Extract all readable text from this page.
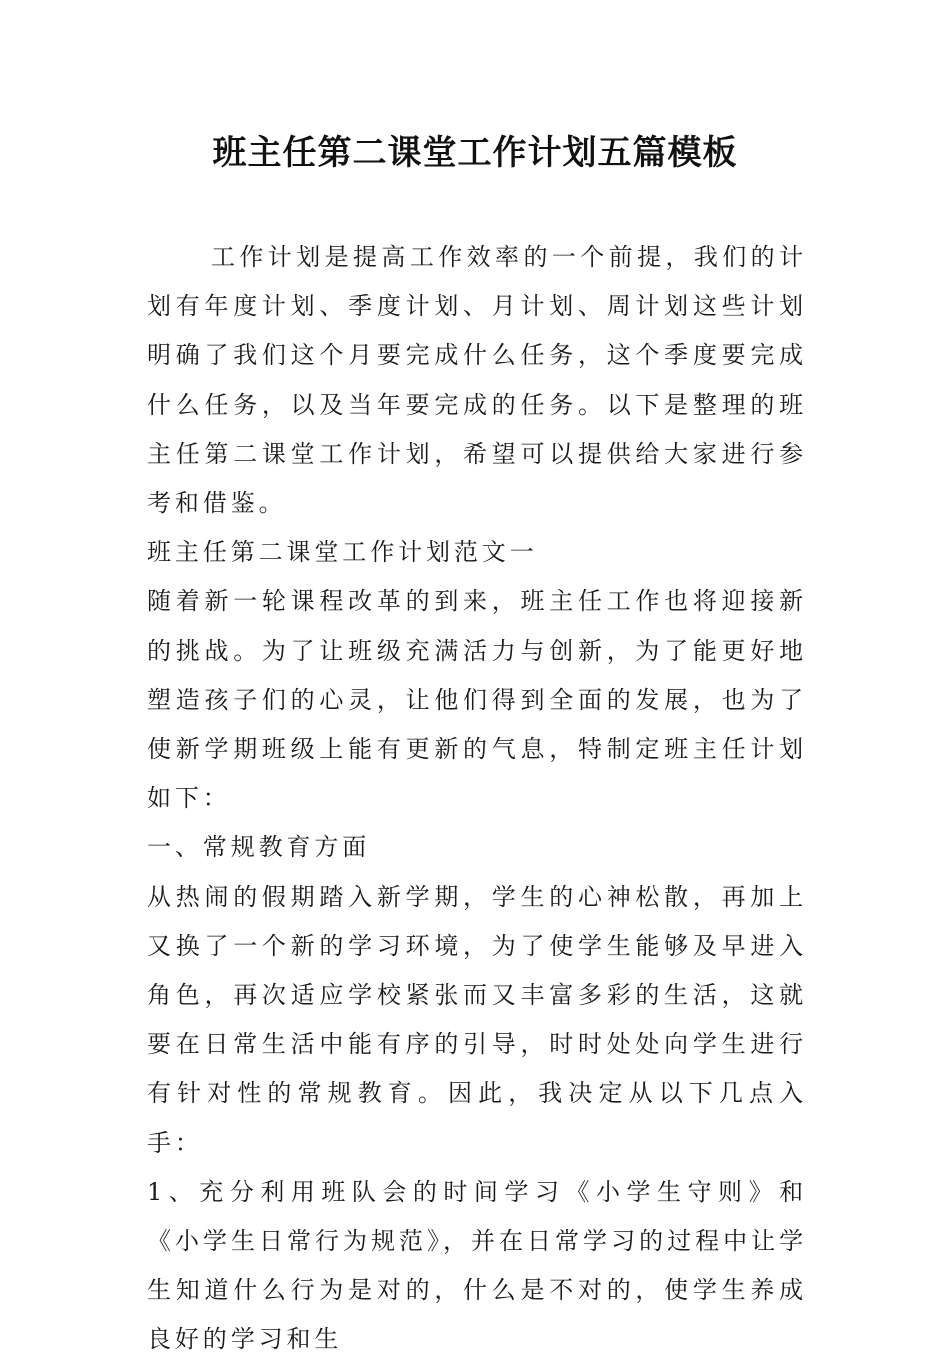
班主任第二课堂工作计划五篇模板

工作计划是提高工作效率的一个前提，我们的计划有年度计划、季度计划、月计划、周计划这些计划明确了我们这个月要完成什么任务，这个季度要完成什么任务，以及当年要完成的任务。以下是整理的班主任第二课堂工作计划，希望可以提供给大家进行参考和借鉴。

班主任第二课堂工作计划范文一

随着新一轮课程改革的到来，班主任工作也将迎接新的挑战。为了让班级充满活力与创新，为了能更好地塑造孩子们的心灵，让他们得到全面的发展，也为了使新学期班级上能有更新的气息，特制定班主任计划如下：

一、常规教育方面

从热闹的假期踏入新学期，学生的心神松散，再加上又换了一个新的学习环境，为了使学生能够及早进入角色，再次适应学校紧张而又丰富多彩的生活，这就要在日常生活中能有序的引导，时时处处向学生进行有针对性的常规教育。因此，我决定从以下几点入手：

1、充分利用班队会的时间学习《小学生守则》和《小学生日常行为规范》，并在日常学习的过程中让学生知道什么行为是对的，什么是不对的，使学生养成良好的学习和生
